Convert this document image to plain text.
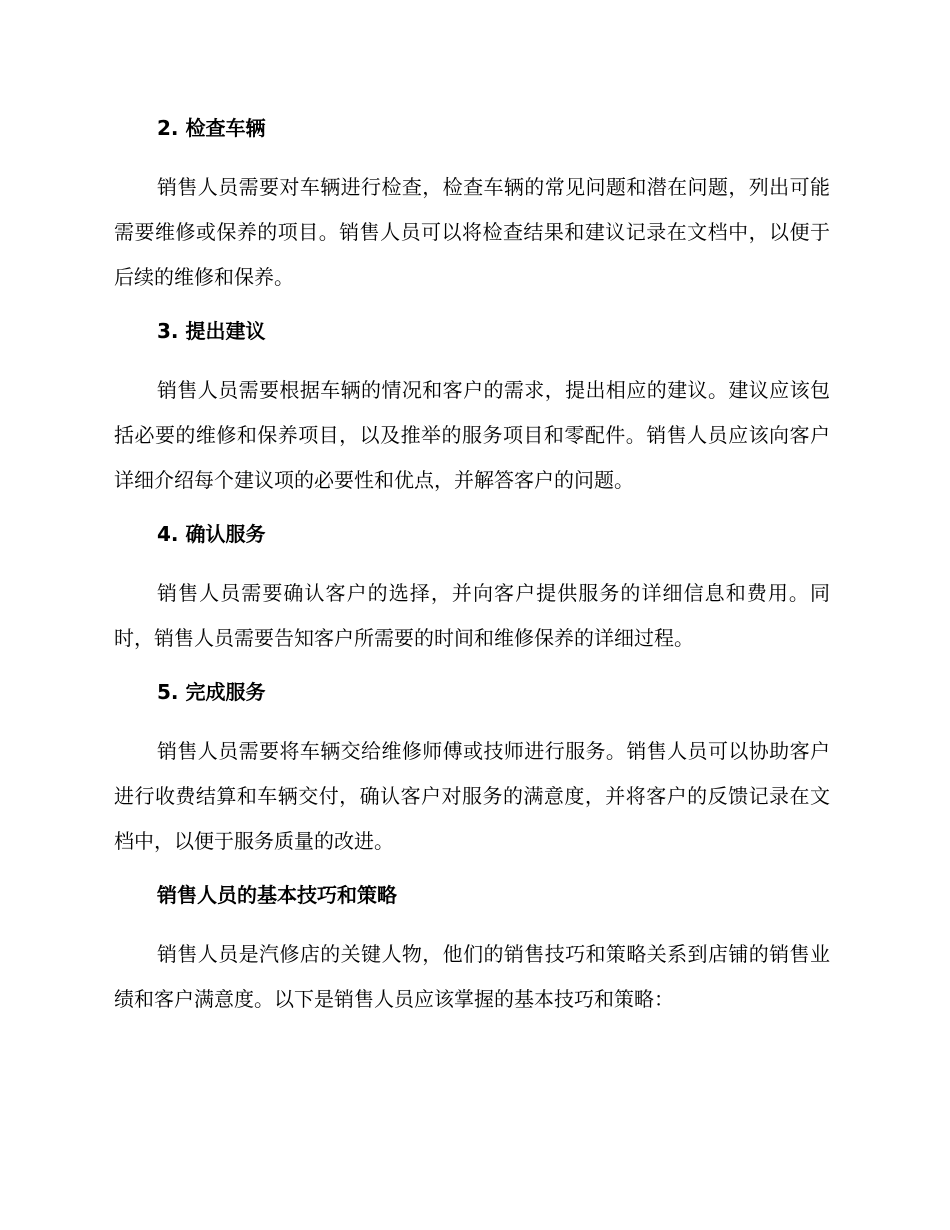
2. 检查车辆

销售人员需要对车辆进行检查，检查车辆的常见问题和潜在问题，列出可能需要维修或保养的项目。销售人员可以将检查结果和建议记录在文档中，以便于后续的维修和保养。

3. 提出建议

销售人员需要根据车辆的情况和客户的需求，提出相应的建议。建议应该包括必要的维修和保养项目，以及推举的服务项目和零配件。销售人员应该向客户详细介绍每个建议项的必要性和优点，并解答客户的问题。

4. 确认服务

销售人员需要确认客户的选择，并向客户提供服务的详细信息和费用。同时，销售人员需要告知客户所需要的时间和维修保养的详细过程。

5. 完成服务

销售人员需要将车辆交给维修师傅或技师进行服务。销售人员可以协助客户进行收费结算和车辆交付，确认客户对服务的满意度，并将客户的反馈记录在文档中，以便于服务质量的改进。

销售人员的基本技巧和策略

销售人员是汽修店的关键人物，他们的销售技巧和策略关系到店铺的销售业绩和客户满意度。以下是销售人员应该掌握的基本技巧和策略：
